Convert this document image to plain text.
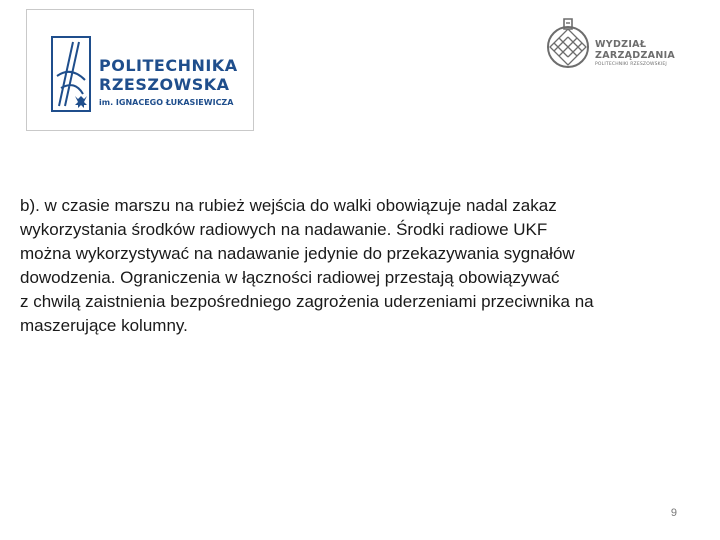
POLITECHNIKA
RZESZOWSKA
im. IGNACEGO ŁUKASIEWICZA
WYDZIAŁ
ZARZĄDZANIA
POLITECHNIKI RZESZOWSKIEJ

b). w czasie marszu na rubież wejścia do walki obowiązuje nadal zakaz
wykorzystania środków radiowych na nadawanie. Środki radiowe UKF
można wykorzystywać na nadawanie jedynie do przekazywania sygnałów
dowodzenia. Ograniczenia w łączności radiowej przestają obowiązywać
z chwilą zaistnienia bezpośredniego zagrożenia uderzeniami przeciwnika na
maszerujące kolumny.

9
